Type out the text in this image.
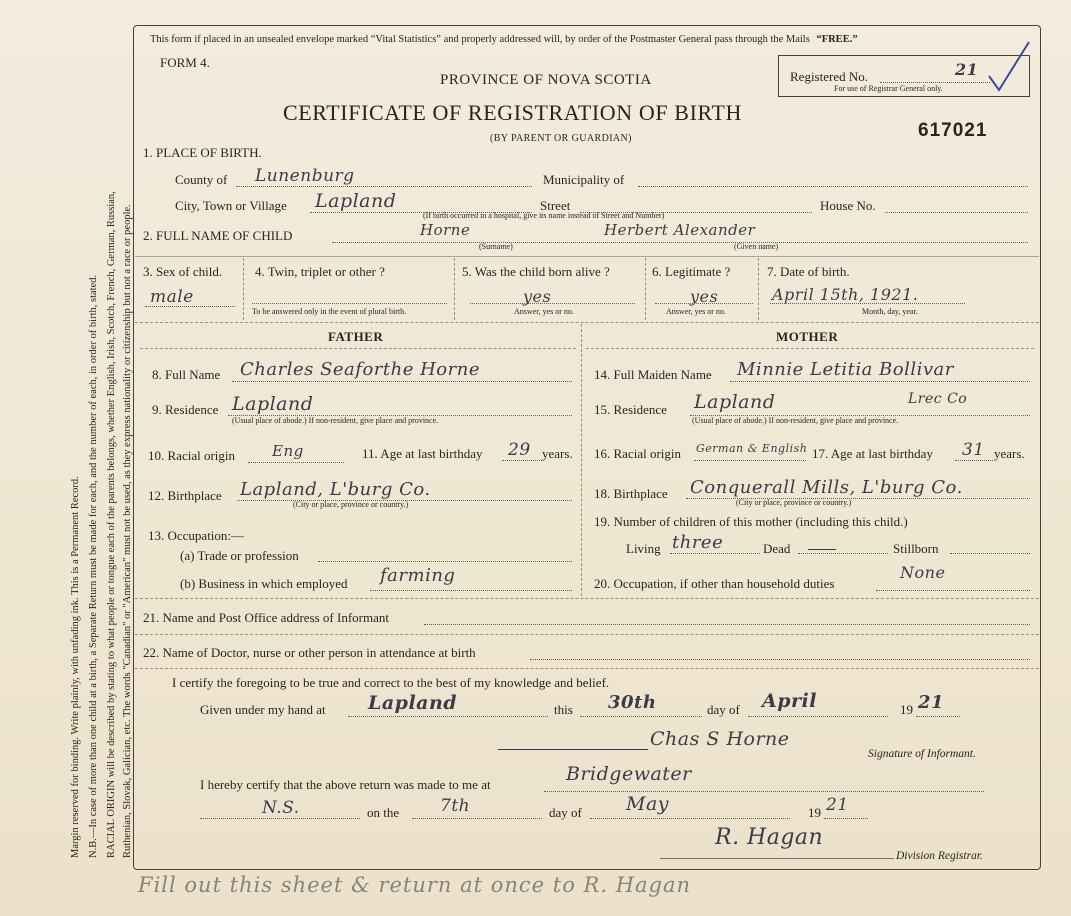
Margin reserved for binding. Write plainly, with unfading ink. This is a Permanent Record. N.B.—In case of more than one child at a birth, a Separate Return must be made for each, and the number of each, in order of birth, stated. RACIAL ORIGIN will be described by stating to what people or tongue each of the parents belongs, whether English, Irish, Scotch, French, German, Russian, Ruthenian, Slovak, Galician, etc. The words "Canadian" or "American" must not be used, as they express nationality or citizenship but not a race or people.
This form if placed in an unsealed envelope marked “Vital Statistics” and properly addressed will, by order of the Postmaster General pass through the Mails “FREE.”
FORM 4.
PROVINCE OF NOVA SCOTIA
CERTIFICATE OF REGISTRATION OF BIRTH
(BY PARENT OR GUARDIAN)	617021
Registered No.	21
For use of Registrar General only.
1. PLACE OF BIRTH.
County of Lunenburg	Municipality of
City, Town or Village Lapland	Street
(If birth occurred in a hospital, give its name instead of Street and Number)
House No.
2. FULL NAME OF CHILD	Horne
(Surname)
Herbert Alexander
(Given name)
3. Sex of child.
male
4. Twin, triplet or other ?
To be answered only in the event of plural birth.
5. Was the child born alive ?
yes
Answer, yes or no.
6. Legitimate ?
yes
Answer, yes or no.
7. Date of birth.
April 15th, 1921.
Month, day, year.
FATHER	MOTHER
8. Full Name Charles Seaforthe Horne	14. Full Maiden Name Minnie Letitia Bollivar
9. Residence Lapland
(Usual place of abode.) If non-resident, give place and province.
15. Residence Lapland	Lrec Co
(Usual place of abode.) If non-resident, give place and province.
10. Racial origin Eng	11. Age at last birthday 29 years. 16. Racial origin German & English 17. Age at last birthday 31 years.
12. Birthplace Lapland, L'burg Co.
(City or place, province or country.)
18. Birthplace Conquerall Mills, L'burg Co.
(City or place, province or country.)
13. Occupation:—
(a) Trade or profession
(b) Business in which employed farming
19. Number of children of this mother (including this child.)
Living three	Dead	Stillborn
20. Occupation, if other than household duties
None
21. Name and Post Office address of Informant
22. Name of Doctor, nurse or other person in attendance at birth
I certify the foregoing to be true and correct to the best of my knowledge and belief.
Given under my hand at Lapland	this 30th	day of April	19 21
Chas S Horne
Signature of Informant.
I hereby certify that the above return was made to me at	Bridgewater
N.S.	on the 7th	day of May	19 21
R. Hagan
Division Registrar.
Fill out this sheet & return at once to R. Hagan
